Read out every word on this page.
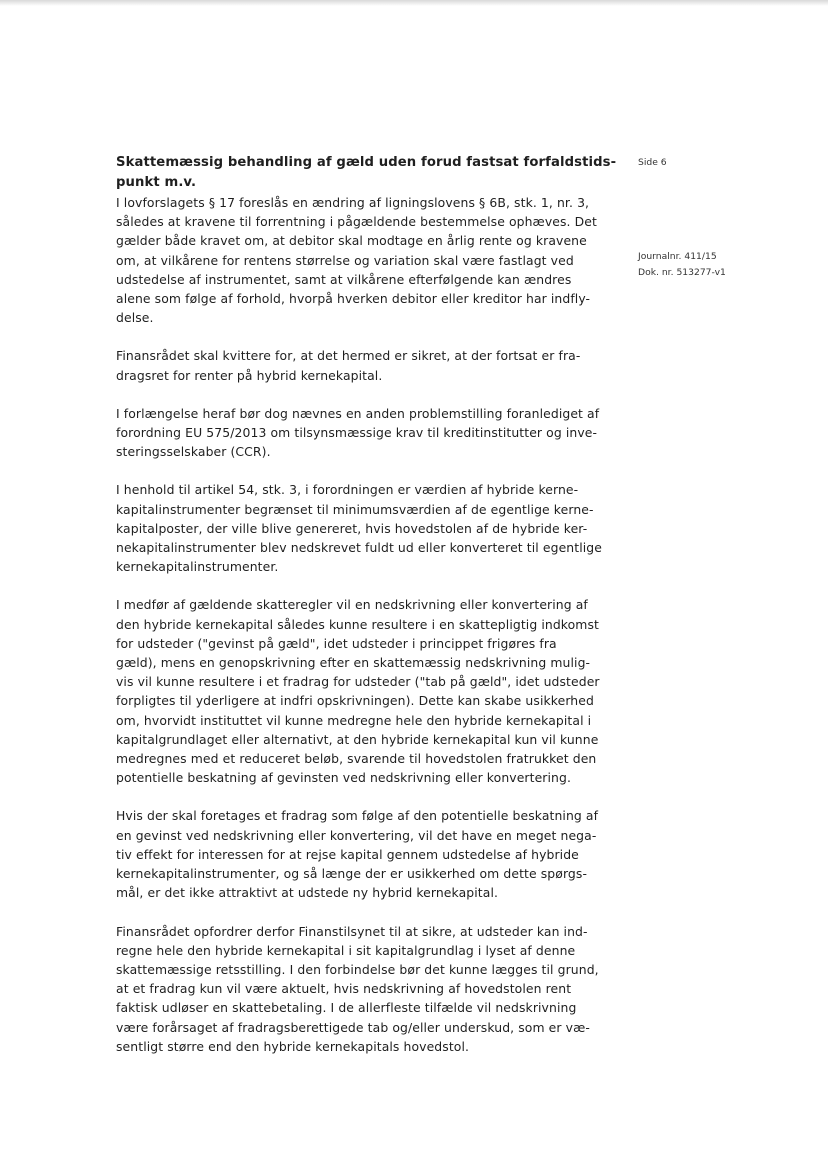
Side 6
Journalnr. 411/15
Dok. nr. 513277-v1
Skattemæssig behandling af gæld uden forud fastsat forfaldstids-
punkt m.v.

I lovforslagets § 17 foreslås en ændring af ligningslovens § 6B, stk. 1, nr. 3,
således at kravene til forrentning i pågældende bestemmelse ophæves. Det
gælder både kravet om, at debitor skal modtage en årlig rente og kravene
om, at vilkårene for rentens størrelse og variation skal være fastlagt ved
udstedelse af instrumentet, samt at vilkårene efterfølgende kan ændres
alene som følge af forhold, hvorpå hverken debitor eller kreditor har indfly-
delse.

Finansrådet skal kvittere for, at det hermed er sikret, at der fortsat er fra-
dragsret for renter på hybrid kernekapital.

I forlængelse heraf bør dog nævnes en anden problemstilling foranlediget af
forordning EU 575/2013 om tilsynsmæssige krav til kreditinstitutter og inve-
steringsselskaber (CCR).

I henhold til artikel 54, stk. 3, i forordningen er værdien af hybride kerne-
kapitalinstrumenter begrænset til minimumsværdien af de egentlige kerne-
kapitalposter, der ville blive genereret, hvis hovedstolen af de hybride ker-
nekapitalinstrumenter blev nedskrevet fuldt ud eller konverteret til egentlige
kernekapitalinstrumenter.

I medfør af gældende skatteregler vil en nedskrivning eller konvertering af
den hybride kernekapital således kunne resultere i en skattepligtig indkomst
for udsteder ("gevinst på gæld", idet udsteder i princippet frigøres fra
gæld), mens en genopskrivning efter en skattemæssig nedskrivning mulig-
vis vil kunne resultere i et fradrag for udsteder ("tab på gæld", idet udsteder
forpligtes til yderligere at indfri opskrivningen). Dette kan skabe usikkerhed
om, hvorvidt instituttet vil kunne medregne hele den hybride kernekapital i
kapitalgrundlaget eller alternativt, at den hybride kernekapital kun vil kunne
medregnes med et reduceret beløb, svarende til hovedstolen fratrukket den
potentielle beskatning af gevinsten ved nedskrivning eller konvertering.

Hvis der skal foretages et fradrag som følge af den potentielle beskatning af
en gevinst ved nedskrivning eller konvertering, vil det have en meget nega-
tiv effekt for interessen for at rejse kapital gennem udstedelse af hybride
kernekapitalinstrumenter, og så længe der er usikkerhed om dette spørgs-
mål, er det ikke attraktivt at udstede ny hybrid kernekapital.

Finansrådet opfordrer derfor Finanstilsynet til at sikre, at udsteder kan ind-
regne hele den hybride kernekapital i sit kapitalgrundlag i lyset af denne
skattemæssige retsstilling. I den forbindelse bør det kunne lægges til grund,
at et fradrag kun vil være aktuelt, hvis nedskrivning af hovedstolen rent
faktisk udløser en skattebetaling. I de allerfleste tilfælde vil nedskrivning
være forårsaget af fradragsberettigede tab og/eller underskud, som er væ-
sentligt større end den hybride kernekapitals hovedstol.
